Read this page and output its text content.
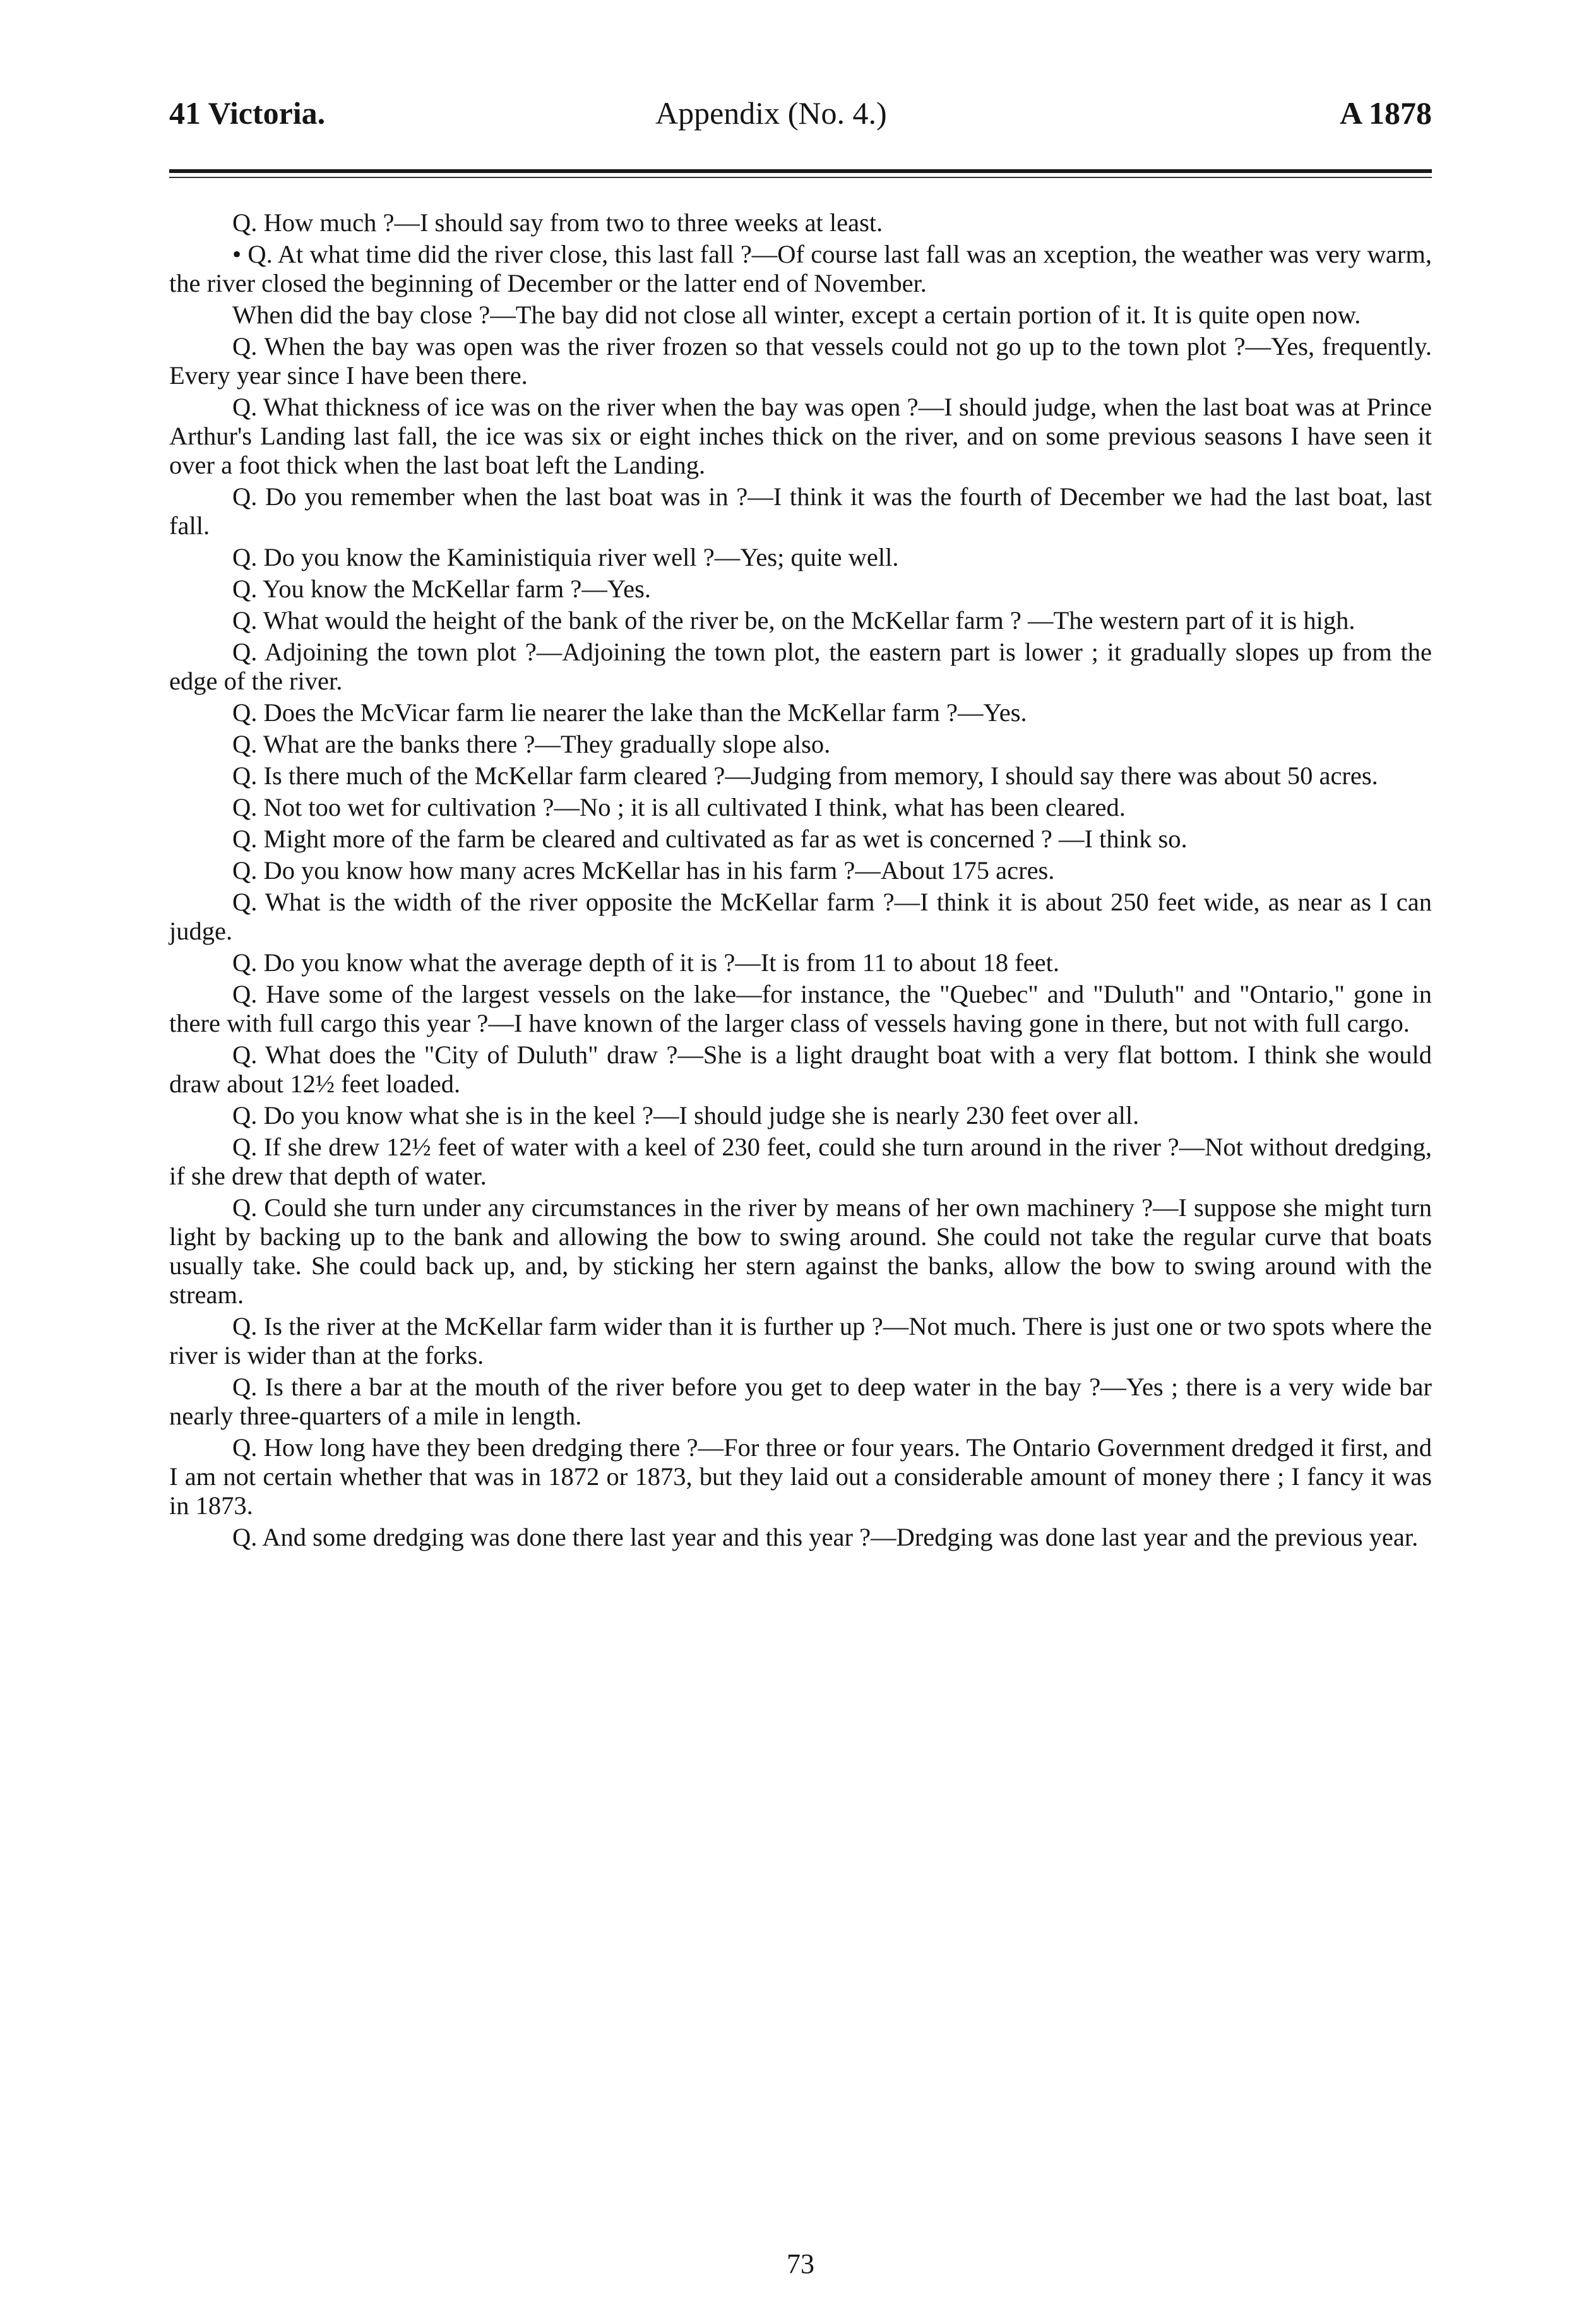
41 Victoria.	Appendix (No. 4.)	A 1878

Q. How much ?—I should say from two to three weeks at least.

• Q. At what time did the river close, this last fall ?—Of course last fall was an xception, the weather was very warm, the river closed the beginning of December or the latter end of November.

When did the bay close ?—The bay did not close all winter, except a certain portion of it. It is quite open now.

Q. When the bay was open was the river frozen so that vessels could not go up to the town plot ?—Yes, frequently. Every year since I have been there.

Q. What thickness of ice was on the river when the bay was open ?—I should judge, when the last boat was at Prince Arthur's Landing last fall, the ice was six or eight inches thick on the river, and on some previous seasons I have seen it over a foot thick when the last boat left the Landing.

Q. Do you remember when the last boat was in ?—I think it was the fourth of December we had the last boat, last fall.

Q. Do you know the Kaministiquia river well ?—Yes; quite well.

Q. You know the McKellar farm ?—Yes.

Q. What would the height of the bank of the river be, on the McKellar farm ? —The western part of it is high.

Q. Adjoining the town plot ?—Adjoining the town plot, the eastern part is lower ; it gradually slopes up from the edge of the river.

Q. Does the McVicar farm lie nearer the lake than the McKellar farm ?—Yes.

Q. What are the banks there ?—They gradually slope also.

Q. Is there much of the McKellar farm cleared ?—Judging from memory, I should say there was about 50 acres.

Q. Not too wet for cultivation ?—No ; it is all cultivated I think, what has been cleared.

Q. Might more of the farm be cleared and cultivated as far as wet is concerned ? —I think so.

Q. Do you know how many acres McKellar has in his farm ?—About 175 acres.

Q. What is the width of the river opposite the McKellar farm ?—I think it is about 250 feet wide, as near as I can judge.

Q. Do you know what the average depth of it is ?—It is from 11 to about 18 feet.

Q. Have some of the largest vessels on the lake—for instance, the "Quebec" and "Duluth" and "Ontario," gone in there with full cargo this year ?—I have known of the larger class of vessels having gone in there, but not with full cargo.

Q. What does the "City of Duluth" draw ?—She is a light draught boat with a very flat bottom. I think she would draw about 12½ feet loaded.

Q. Do you know what she is in the keel ?—I should judge she is nearly 230 feet over all.

Q. If she drew 12½ feet of water with a keel of 230 feet, could she turn around in the river ?—Not without dredging, if she drew that depth of water.

Q. Could she turn under any circumstances in the river by means of her own machinery ?—I suppose she might turn light by backing up to the bank and allowing the bow to swing around. She could not take the regular curve that boats usually take. She could back up, and, by sticking her stern against the banks, allow the bow to swing around with the stream.

Q. Is the river at the McKellar farm wider than it is further up ?—Not much. There is just one or two spots where the river is wider than at the forks.

Q. Is there a bar at the mouth of the river before you get to deep water in the bay ?—Yes ; there is a very wide bar nearly three-quarters of a mile in length.

Q. How long have they been dredging there ?—For three or four years. The Ontario Government dredged it first, and I am not certain whether that was in 1872 or 1873, but they laid out a considerable amount of money there ; I fancy it was in 1873.

Q. And some dredging was done there last year and this year ?—Dredging was done last year and the previous year.

73
